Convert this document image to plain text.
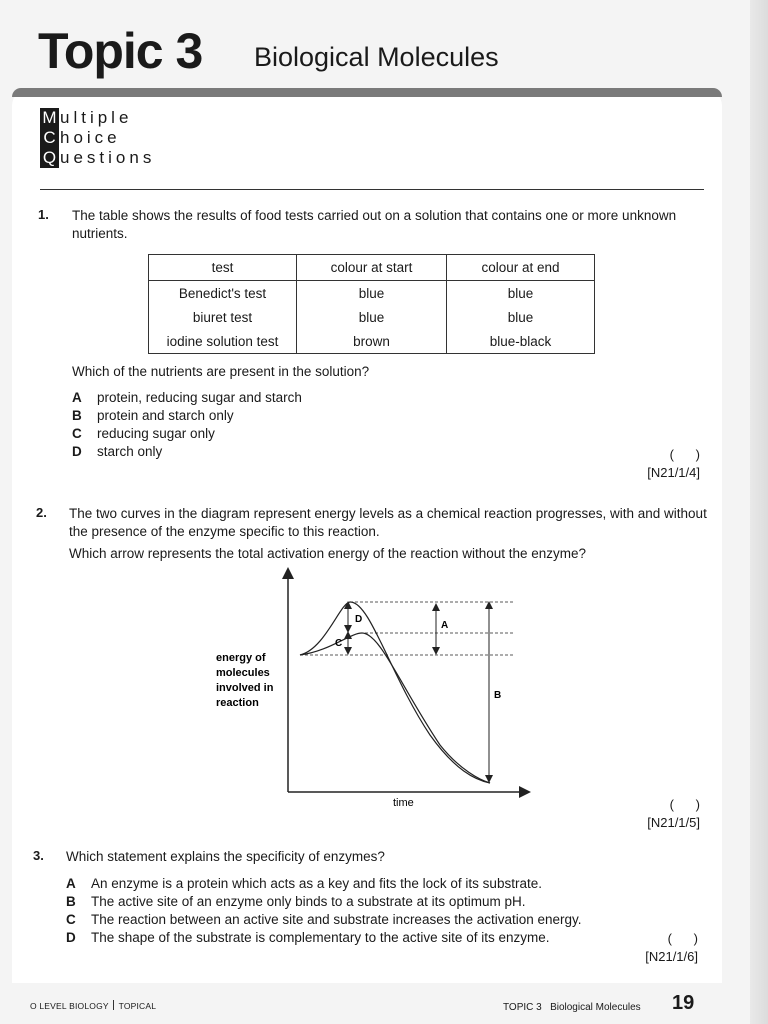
Topic 3 Biological Molecules
M ultiple
C hoice
Q uestions
1. The table shows the results of food tests carried out on a solution that contains one or more unknown nutrients.
test	colour at start	colour at end
Benedict's test	blue	blue
biuret test	blue	blue
iodine solution test	brown	blue-black
Which of the nutrients are present in the solution?
A	protein, reducing sugar and starch
B	protein and starch only
C	reducing sugar only
D	starch only	(      )
[N21/1/4]
2. The two curves in the diagram represent energy levels as a chemical reaction progresses, with and without the presence of the enzyme specific to this reaction.
Which arrow represents the total activation energy of the reaction without the enzyme?
D
C
A
B
energy of
molecules
involved in
reaction
time	(      )
[N21/1/5]
3. Which statement explains the specificity of enzymes?
A	An enzyme is a protein which acts as a key and fits the lock of its substrate.
B	The active site of an enzyme only binds to a substrate at its optimum pH.
C	The reaction between an active site and substrate increases the activation energy.
D	The shape of the substrate is complementary to the active site of its enzyme.	(      )
[N21/1/6]
O LEVEL BIOLOGY TOPICAL	TOPIC 3 Biological Molecules 19
